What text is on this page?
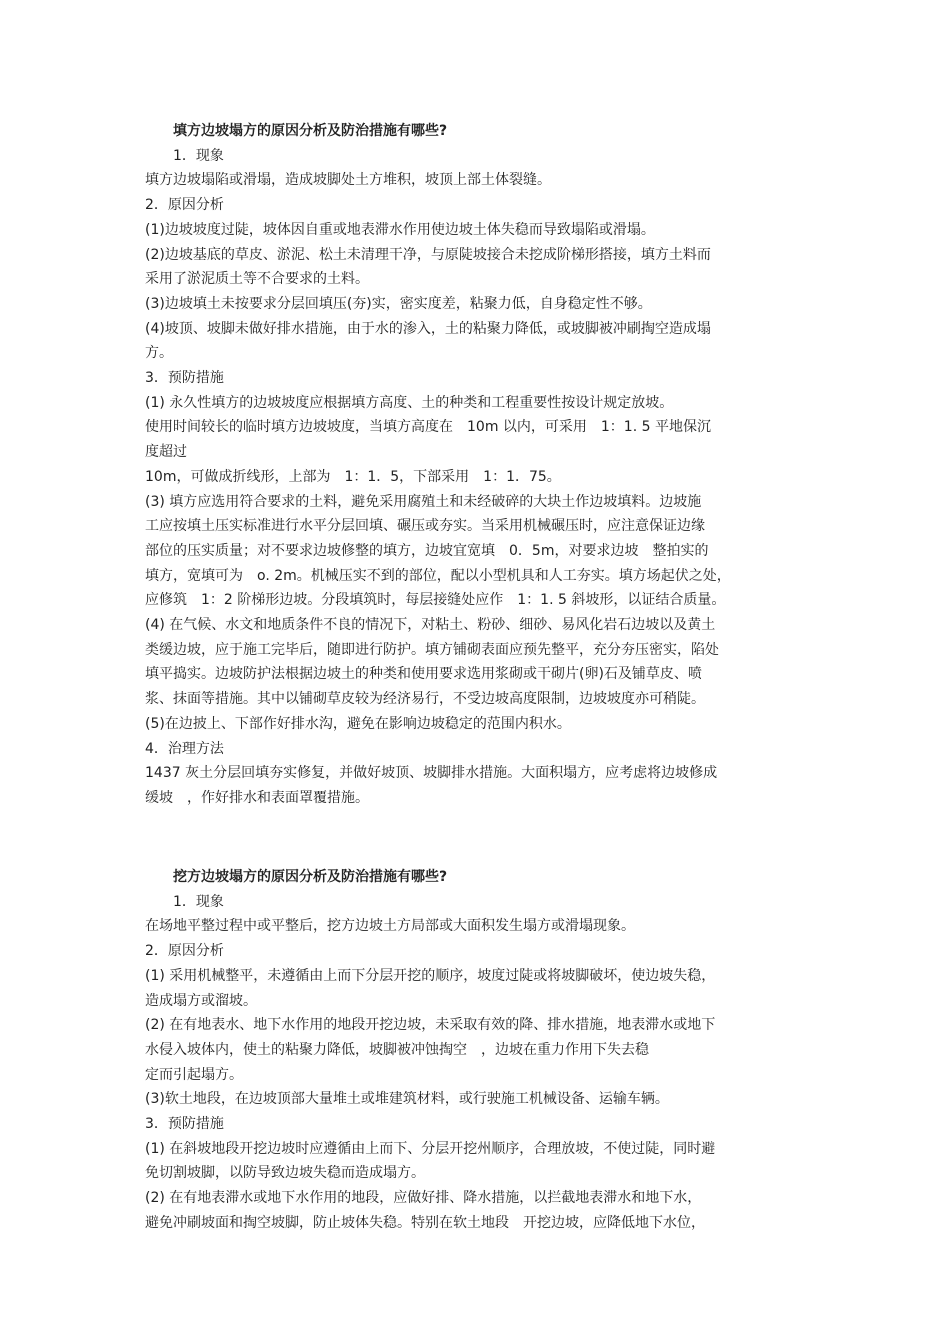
填方边坡塌方的原因分析及防治措施有哪些?

1．现象

填方边坡塌陷或滑塌，造成坡脚处土方堆积，坡顶上部土体裂缝。

2．原因分析

(1)边坡坡度过陡，坡体因自重或地表滞水作用使边坡土体失稳而导致塌陷或滑塌。

(2)边坡基底的草皮、淤泥、松土未清理干净，与原陡坡接合未挖成阶梯形搭接，填方土料而

采用了淤泥质土等不合要求的土料。

(3)边坡填土未按要求分层回填压(夯)实，密实度差，粘聚力低，自身稳定性不够。

(4)坡顶、坡脚未做好排水措施，由于水的渗入，土的粘聚力降低，或坡脚被冲刷掏空造成塌

方。

3．预防措施

(1) 永久性填方的边坡坡度应根据填方高度、土的种类和工程重要性按设计规定放坡。

使用时间较长的临时填方边坡坡度，当填方高度在　10m 以内，可采用　1：1. 5 平地保沉

度超过

10m，可做成折线形，上部为　1：1．5，下部采用　1：1．75。

(3) 填方应选用符合要求的土料，避免采用腐殖土和未经破碎的大块土作边坡填料。边坡施

工应按填土压实标准进行水平分层回填、碾压或夯实。当采用机械碾压时，应注意保证边缘

部位的压实质量；对不要求边坡修整的填方，边坡宜宽填　0．5m，对要求边坡　整拍实的

填方，宽填可为　o. 2m。机械压实不到的部位，配以小型机具和人工夯实。填方场起伏之处，

应修筑　1：2 阶梯形边坡。分段填筑时，每层接缝处应作　1：1. 5 斜坡形，以证结合质量。

(4) 在气候、水文和地质条件不良的情况下，对粘土、粉砂、细砂、易风化岩石边坡以及黄土

类缓边坡，应于施工完毕后，随即进行防护。填方铺砌表面应预先整平，充分夯压密实，陷处

填平捣实。边坡防护法根据边坡土的种类和使用要求选用浆砌或干砌片(卵)石及铺草皮、喷

浆、抹面等措施。其中以铺砌草皮较为经济易行，不受边坡高度限制，边坡坡度亦可稍陡。

(5)在边披上、下部作好排水沟，避免在影响边坡稳定的范围内积水。

4．治理方法

1437 灰土分层回填夯实修复，并做好坡顶、坡脚排水措施。大面积塌方，应考虑将边坡修成

缓坡　，作好排水和表面罩覆措施。

挖方边坡塌方的原因分析及防治措施有哪些?

1．现象

在场地平整过程中或平整后，挖方边坡土方局部或大面积发生塌方或滑塌现象。

2．原因分析

(1) 采用机械整平，未遵循由上而下分层开挖的顺序，坡度过陡或将坡脚破坏，使边坡失稳，

造成塌方或溜坡。

(2) 在有地表水、地下水作用的地段开挖边坡，未采取有效的降、排水措施，地表滞水或地下

水侵入坡体内，使土的粘聚力降低，坡脚被冲蚀掏空　，边坡在重力作用下失去稳

定而引起塌方。

(3)软土地段，在边坡顶部大量堆土或堆建筑材料，或行驶施工机械设备、运输车辆。

3．预防措施

(1) 在斜坡地段开挖边坡时应遵循由上而下、分层开挖州顺序，合理放坡，不使过陡，同时避

免切割坡脚，以防导致边坡失稳而造成塌方。

(2) 在有地表滞水或地下水作用的地段，应做好排、降水措施，以拦截地表滞水和地下水，

避免冲刷坡面和掏空坡脚，防止坡体失稳。特别在软土地段　开挖边坡，应降低地下水位，
